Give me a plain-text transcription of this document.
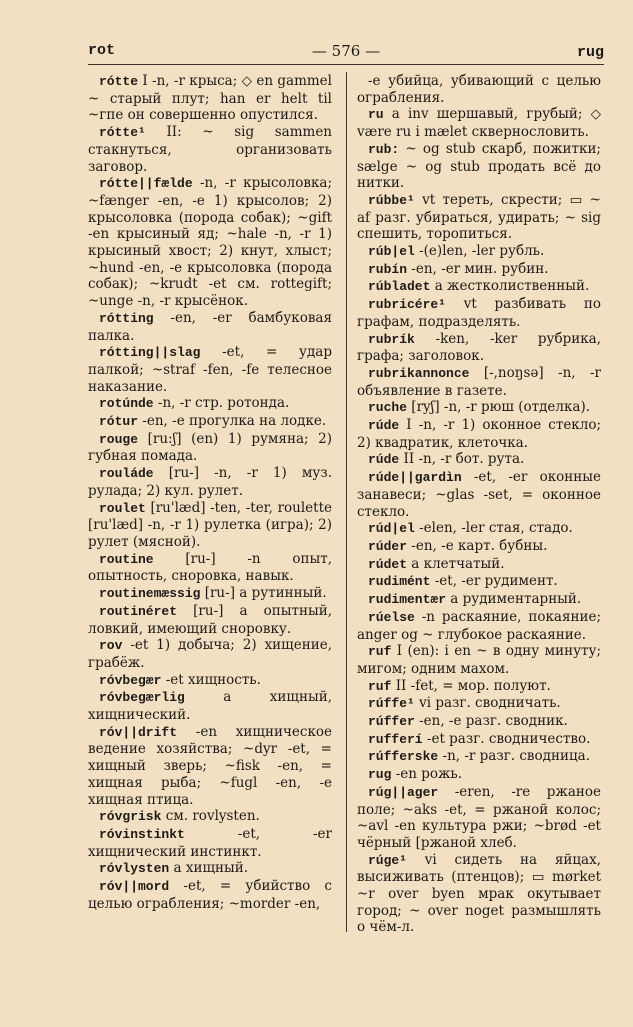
rot	— 576 —	rug

rótte I -n, -r крыса; ◇ en gammel ~ старый плут; han er helt til ~гпе он совершенно опустился.

rótte¹ II: ~ sig sammen стакнуться, организовать заговор.

rótte||fælde -n, -r крысоловка; ~fænger -en, -e 1) крысолов; 2) крысоловка (порода собак); ~gift -en крысиный яд; ~hale -n, -r 1) крысиный хвост; 2) кнут, хлыст; ~hund -en, -e крысоловка (порода собак); ~krudt -et см. rottegift; ~unge -n, -r крысёнок.

rótting -en, -er бамбуковая палка.

rótting||slag -et, = удар палкой; ~straf -fen, -fe телесное наказание.

rotúnde -n, -r стр. ротонда.

rótur -en, -e прогулка на лодке.

rouge [ru:ʃ] (en) 1) румяна; 2) губная помада.

rouláde [ru-] -n, -r 1) муз. рулада; 2) кул. рулет.

roulet [ru'læd] -ten, -ter, roulette [ru'læd] -n, -r 1) рулетка (игра); 2) рулет (мясной).

routine [ru-] -n опыт, опытность, сноровка, навык.

routinemæssig [ru-] a рутинный.

routinéret [ru-] a опытный, ловкий, имеющий сноровку.

rov -et 1) добыча; 2) хищение, грабёж.

róvbegær -et хищность.

róvbegærlig a хищный, хищнический.

róv||drift -en хищническое ведение хозяйства; ~dyr -et, = хищный зверь; ~fisk -en, = хищная рыба; ~fugl -en, -e хищная птица.

róvgrisk см. rovlysten.

róvinstinkt -et, -er хищнический инстинкт.

róvlysten a хищный.

róv||mord -et, = убийство с целью ограбления; ~morder -en,

-e убийца, убивающий с целью ограбления.

ru a inv шершавый, грубый; ◇ være ru i mælet сквернословить.

rub: ~ og stub скарб, пожитки; sælge ~ og stub продать всё до нитки.

rúbbe¹ vt тереть, скрести; ▭ ~ af разг. убираться, удирать; ~ sig спешить, торопиться.

rúb|el -(e)len, -ler рубль.

rubín -en, -er мин. рубин.

rúbladet a жестколиственный.

rubricére¹ vt разбивать по графам, подразделять.

rubrík -ken, -ker рубрика, графа; заголовок.

rubrikannonce [-,noŋsə] -n, -r объявление в газете.

ruche [ryʃ] -n, -r рюш (отделка).

rúde I -n, -r 1) оконное стекло; 2) квадратик, клеточка.

rúde II -n, -r бот. рута.

rúde||gardìn -et, -er оконные занавеси; ~glas -set, = оконное стекло.

rúd|el -elen, -ler стая, стадо.

rúder -en, -e карт. бубны.

rúdet a клетчатый.

rudimént -et, -er рудимент.

rudimentær a рудиментарный.

rúelse -n раскаяние, покаяние; anger og ~ глубокое раскаяние.

ruf I (en): i en ~ в одну минуту; мигом; одним махом.

ruf II -fet, = мор. полуют.

rúffe¹ vi разг. сводничать.

rúffer -en, -e разг. сводник.

rufferí -et разг. сводничество.

rúfferske -n, -r разг. сводница.

rug -en рожь.

rúg||ager -eren, -re ржаное поле; ~aks -et, = ржаной колос; ~avl -en культура ржи; ~brød -et чёрный [ржаной хлеб.

rúge¹ vi сидеть на яйцах, высиживать (птенцов); ▭ mørket ~r over byen мрак окутывает город; ~ over noget размышлять о чём-л.
